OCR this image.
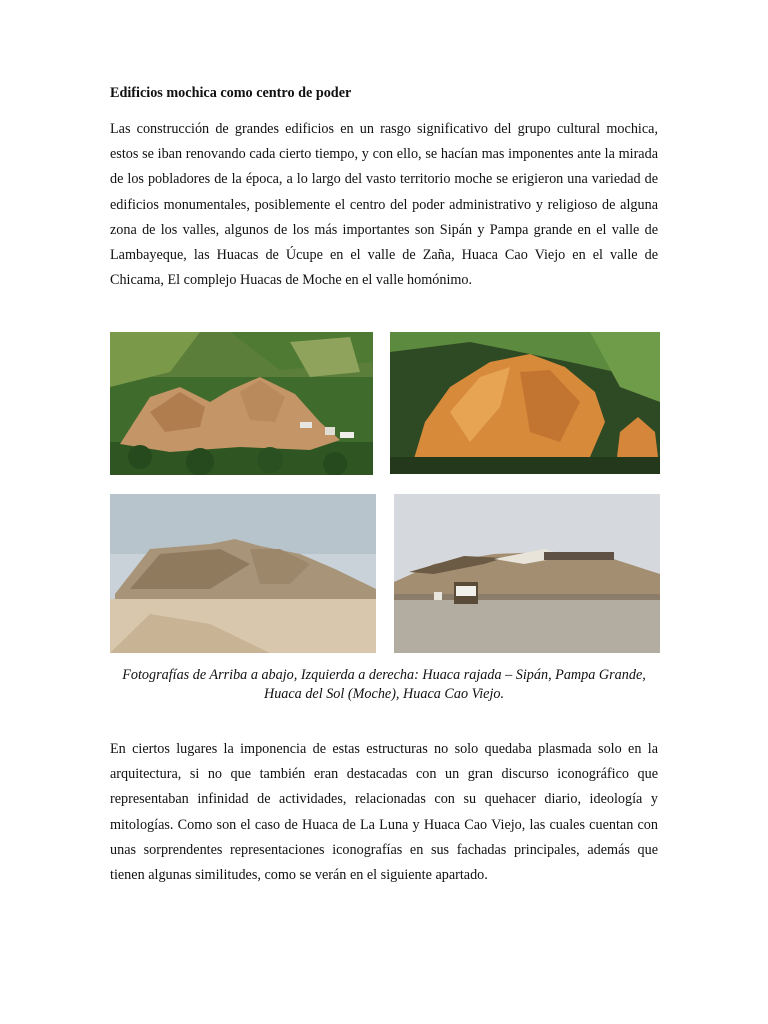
Edificios mochica como centro de poder

Las construcción de grandes edificios en un rasgo significativo del grupo cultural mochica, estos se iban renovando cada cierto tiempo, y con ello, se hacían mas imponentes ante la mirada de los pobladores de la época, a lo largo del vasto territorio moche se erigieron una variedad de edificios monumentales, posiblemente el centro del poder administrativo y religioso de alguna zona de los valles, algunos de los más importantes son Sipán y Pampa grande en el valle de Lambayeque, las Huacas de Úcupe en el valle de Zaña, Huaca Cao Viejo en el valle de Chicama, El complejo Huacas de Moche en el valle homónimo.

Fotografías de Arriba a abajo, Izquierda a derecha: Huaca rajada – Sipán, Pampa Grande, Huaca del Sol (Moche), Huaca Cao Viejo.

En ciertos lugares la imponencia de estas estructuras no solo quedaba plasmada solo en la arquitectura, si no que también eran destacadas con un gran discurso iconográfico que representaban infinidad de actividades, relacionadas con su quehacer diario, ideología y mitologías. Como son el caso de Huaca de La Luna y Huaca Cao Viejo, las cuales cuentan con unas sorprendentes representaciones iconografías en sus fachadas principales, además que tienen algunas similitudes, como se verán en el siguiente apartado.
